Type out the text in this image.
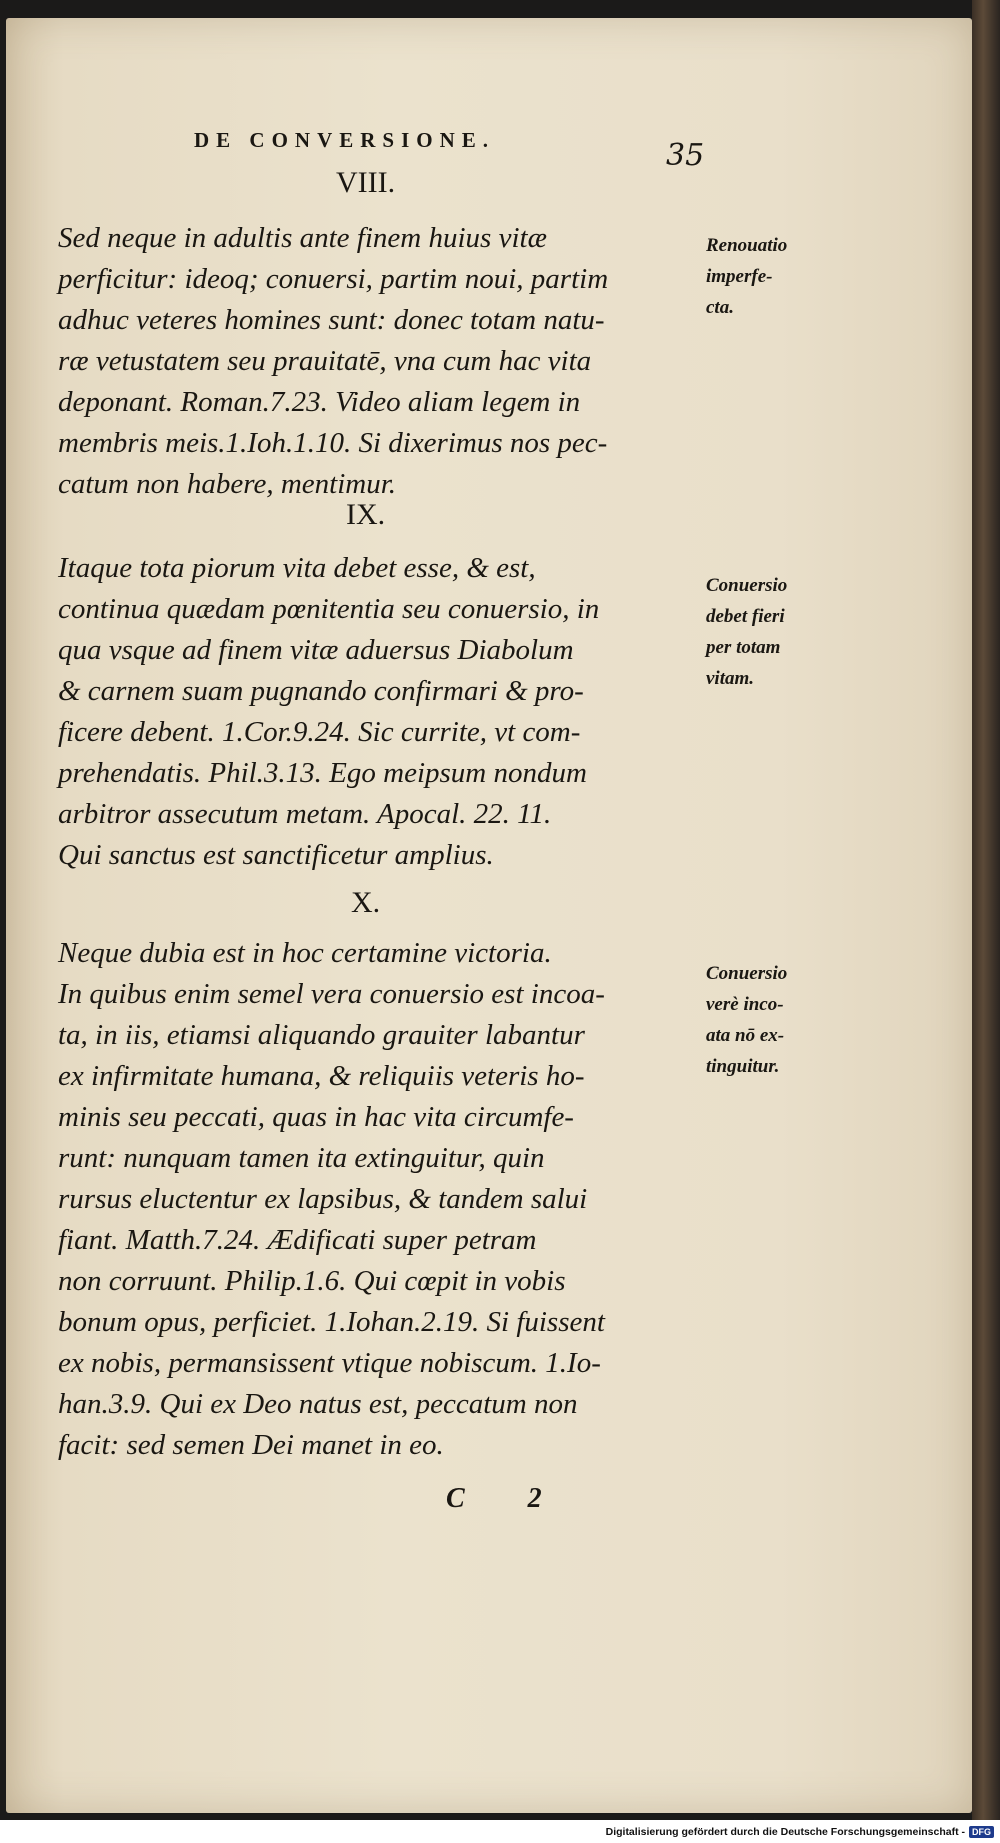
DE CONVERSIONE.	35
VIII.
Sed neque in adultis ante finem huius vitæ
perficitur: ideoq; conuersi, partim noui, partim
adhuc veteres homines sunt: donec totam natu-
ræ vetustatem seu prauitatē, vna cum hac vita
deponant. Roman.7.23. Video aliam legem in
membris meis.1.Ioh.1.10. Si dixerimus nos pec-
catum non habere, mentimur.
Renouatio
imperfe-
cta.
IX.
Itaque tota piorum vita debet esse, & est,
continua quædam pœnitentia seu conuersio, in
qua vsque ad finem vitæ aduersus Diabolum
& carnem suam pugnando confirmari & pro-
ficere debent. 1.Cor.9.24. Sic currite, vt com-
prehendatis. Phil.3.13. Ego meipsum nondum
arbitror assecutum metam. Apocal. 22. 11.
Qui sanctus est sanctificetur amplius.
Conuersio
debet fieri
per totam
vitam.
X.
Neque dubia est in hoc certamine victoria.
In quibus enim semel vera conuersio est incoa-
ta, in iis, etiamsi aliquando grauiter labantur
ex infirmitate humana, & reliquiis veteris ho-
minis seu peccati, quas in hac vita circumfe-
runt: nunquam tamen ita extinguitur, quin
rursus eluctentur ex lapsibus, & tandem salui
fiant. Matth.7.24. Ædificati super petram
non corruunt. Philip.1.6. Qui cœpit in vobis
bonum opus, perficiet. 1.Iohan.2.19. Si fuissent
ex nobis, permansissent vtique nobiscum. 1.Io-
han.3.9. Qui ex Deo natus est, peccatum non
facit: sed semen Dei manet in eo.
Conuersio
verè inco-
ata nō ex-
tinguitur.
C 2
Digitalisierung gefördert durch die Deutsche Forschungsgemeinschaft - DFG
